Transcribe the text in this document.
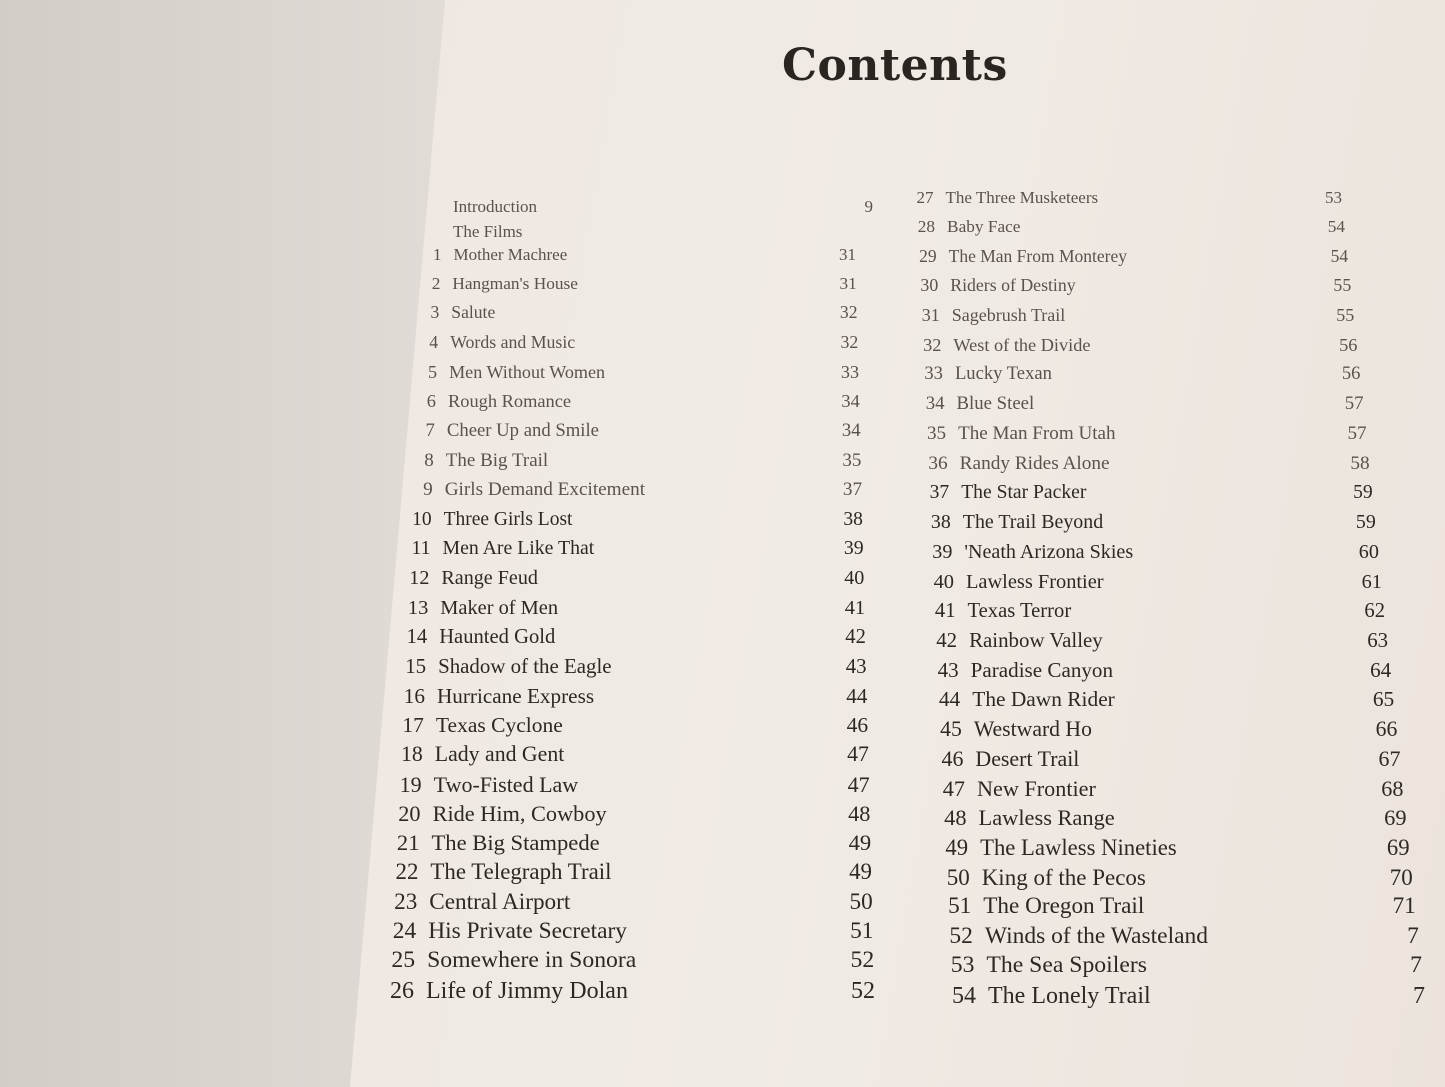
Contents
Introduction	9
The Films
1 Mother Machree	31
2 Hangman's House	31
3 Salute	32
4 Words and Music	32
5 Men Without Women	33
6 Rough Romance	34
7 Cheer Up and Smile	34
8 The Big Trail	35
9 Girls Demand Excitement	37
10 Three Girls Lost	38
11 Men Are Like That	39
12 Range Feud	40
13 Maker of Men	41
14 Haunted Gold	42
15 Shadow of the Eagle	43
16 Hurricane Express	44
17 Texas Cyclone	46
18 Lady and Gent	47
19 Two-Fisted Law	47
20 Ride Him, Cowboy	48
21 The Big Stampede	49
22 The Telegraph Trail	49
23 Central Airport	50
24 His Private Secretary	51
25 Somewhere in Sonora	52
26 Life of Jimmy Dolan	52
27 The Three Musketeers	53
28 Baby Face	54
29 The Man From Monterey	54
30 Riders of Destiny	55
31 Sagebrush Trail	55
32 West of the Divide	56
33 Lucky Texan	56
34 Blue Steel	57
35 The Man From Utah	57
36 Randy Rides Alone	58
37 The Star Packer	59
38 The Trail Beyond	59
39 'Neath Arizona Skies	60
40 Lawless Frontier	61
41 Texas Terror	62
42 Rainbow Valley	63
43 Paradise Canyon	64
44 The Dawn Rider	65
45 Westward Ho	66
46 Desert Trail	67
47 New Frontier	68
48 Lawless Range	69
49 The Lawless Nineties	69
50 King of the Pecos	70
51 The Oregon Trail	71
52 Winds of the Wasteland	7
53 The Sea Spoilers	7
54 The Lonely Trail	7
